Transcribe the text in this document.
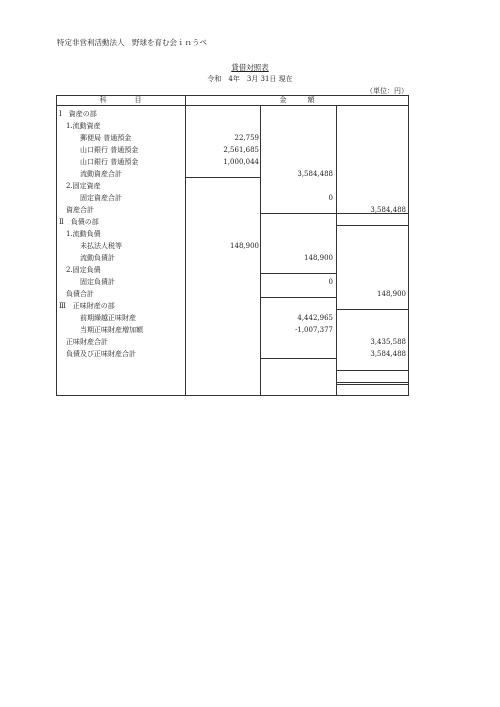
特定非営利活動法人　野球を育む会ｉｎうべ
貸借対照表
令和　4年　3月 31日 現在
（単位：円）
科　　　　目	金　　　額
Ⅰ　資産の部
　1.流動資産
　　　郵便局 普通預金	22,759
　　　山口銀行 普通預金	2,561,685
　　　山口銀行 普通預金	1,000,044
　　　流動資産合計	3,584,488
　2.固定資産
　　　固定資産合計	0
　資産合計	3,584,488
Ⅱ　負債の部
　1.流動負債
　　　未払法人税等	148,900
　　　流動負債計	148,900
　2.固定負債
　　　固定負債計	0
　負債合計	148,900
Ⅲ　正味財産の部
　　　前期繰越正味財産	4,442,965
　　　当期正味財産増加額	-1,007,377
　正味財産合計	3,435,588
　負債及び正味財産合計	3,584,488
